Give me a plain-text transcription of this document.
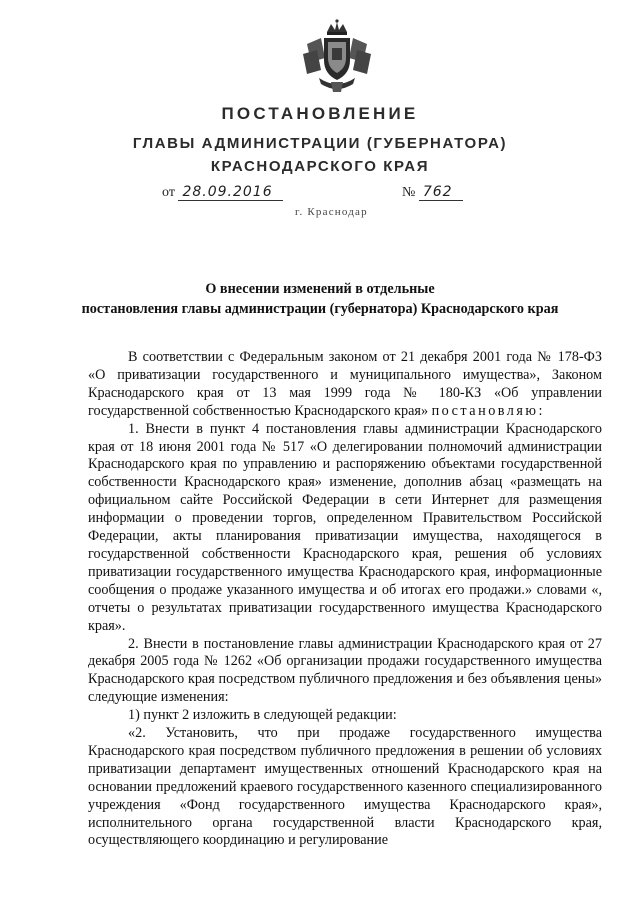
ПОСТАНОВЛЕНИЕ
ГЛАВЫ АДМИНИСТРАЦИИ (ГУБЕРНАТОРА)
КРАСНОДАРСКОГО КРАЯ
от 28.09.2016	№ 762
г. Краснодар
О внесении изменений в отдельные
постановления главы администрации (губернатора) Краснодарского края

В соответствии с Федеральным законом от 21 декабря 2001 года № 178-ФЗ «О приватизации государственного и муниципального имущества», Законом Краснодарского края от 13 мая 1999 года № 180-КЗ «Об управлении государственной собственностью Краснодарского края» постановляю:

1. Внести в пункт 4 постановления главы администрации Краснодарского края от 18 июня 2001 года № 517 «О делегировании полномочий администрации Краснодарского края по управлению и распоряжению объектами государственной собственности Краснодарского края» изменение, дополнив абзац «размещать на официальном сайте Российской Федерации в сети Интернет для размещения информации о проведении торгов, определенном Правительством Российской Федерации, акты планирования приватизации имущества, находящегося в государственной собственности Краснодарского края, решения об условиях приватизации государственного имущества Краснодарского края, информационные сообщения о продаже указанного имущества и об итогах его продажи.» словами «, отчеты о результатах приватизации государственного имущества Краснодарского края».

2. Внести в постановление главы администрации Краснодарского края от 27 декабря 2005 года № 1262 «Об организации продажи государственного имущества Краснодарского края посредством публичного предложения и без объявления цены» следующие изменения:

1) пункт 2 изложить в следующей редакции:

«2. Установить, что при продаже государственного имущества Краснодарского края посредством публичного предложения в решении об условиях приватизации департамент имущественных отношений Краснодарского края на основании предложений краевого государственного казенного специализированного учреждения «Фонд государственного имущества Краснодарского края», исполнительного органа государственной власти Краснодарского края, осуществляющего координацию и регулирование
